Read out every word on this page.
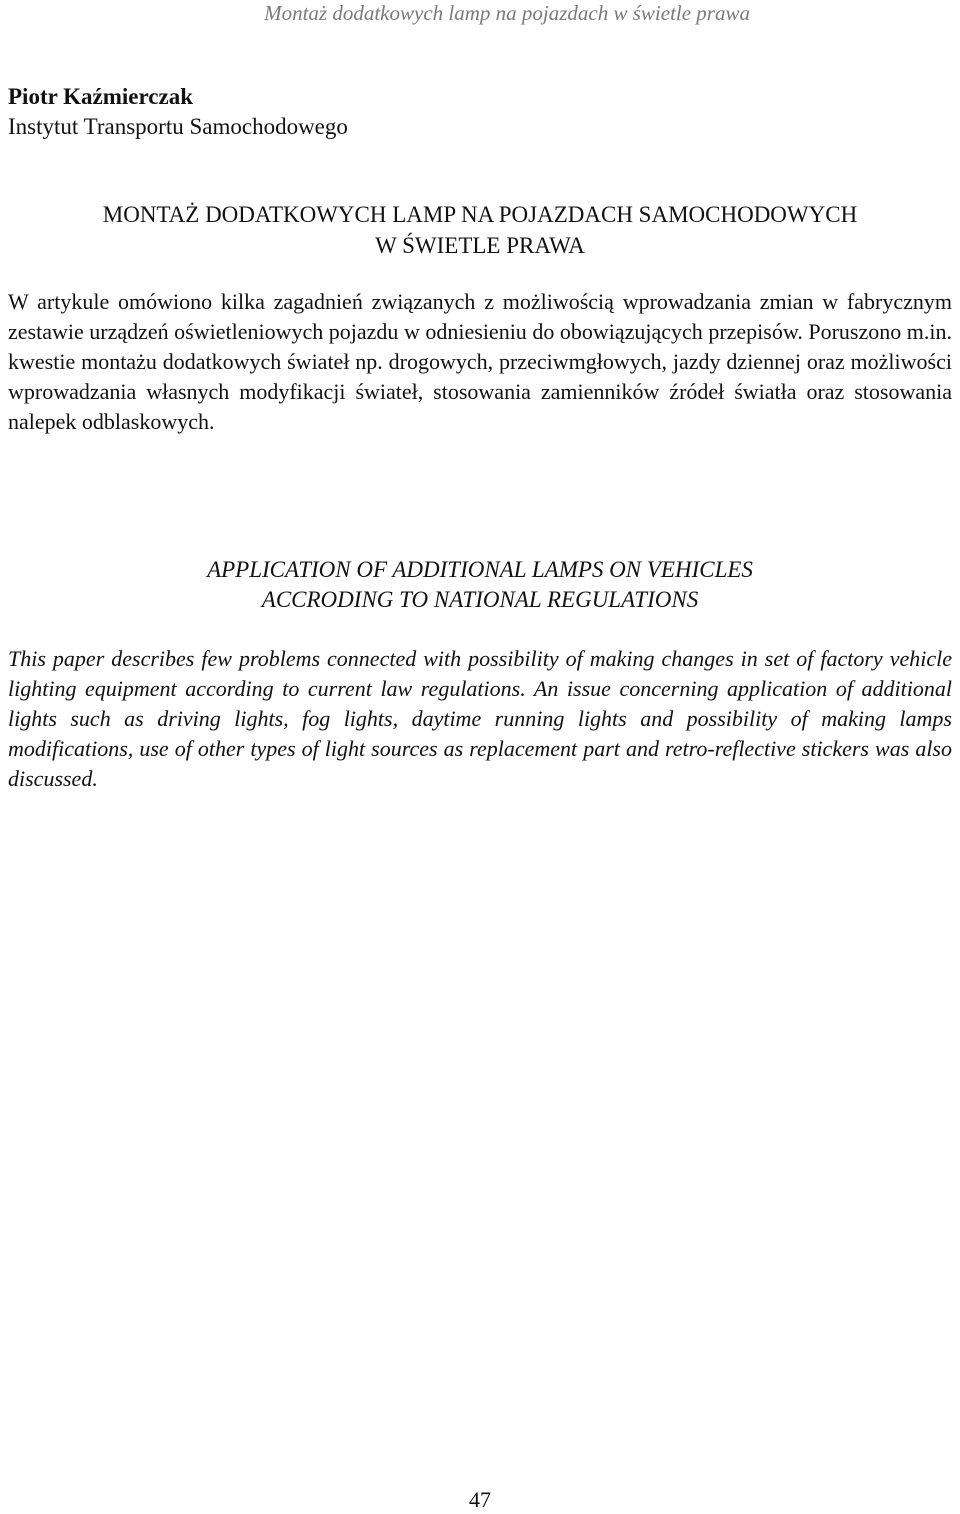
Montaż dodatkowych lamp na pojazdach w świetle prawa

Piotr Kaźmierczak
Instytut Transportu Samochodowego
MONTAŻ DODATKOWYCH LAMP NA POJAZDACH SAMOCHODOWYCH
W ŚWIETLE PRAWA

W artykule omówiono kilka zagadnień związanych z możliwością wprowadzania zmian w fabrycznym zestawie urządzeń oświetleniowych pojazdu w odniesieniu do obowiązujących przepisów. Poruszono m.in. kwestie montażu dodatkowych świateł np. drogowych, przeciwmgłowych, jazdy dziennej oraz możliwości wprowadzania własnych modyfikacji świateł, stosowania zamienników źródeł światła oraz stosowania nalepek odblaskowych.

APPLICATION OF ADDITIONAL LAMPS ON VEHICLES
ACCRODING TO NATIONAL REGULATIONS

This paper describes few problems connected with possibility of making changes in set of factory vehicle lighting equipment according to current law regulations. An issue concerning application of additional lights such as driving lights, fog lights, daytime running lights and possibility of making lamps modifications, use of other types of light sources as replacement part and retro-reflective stickers was also discussed.

47
